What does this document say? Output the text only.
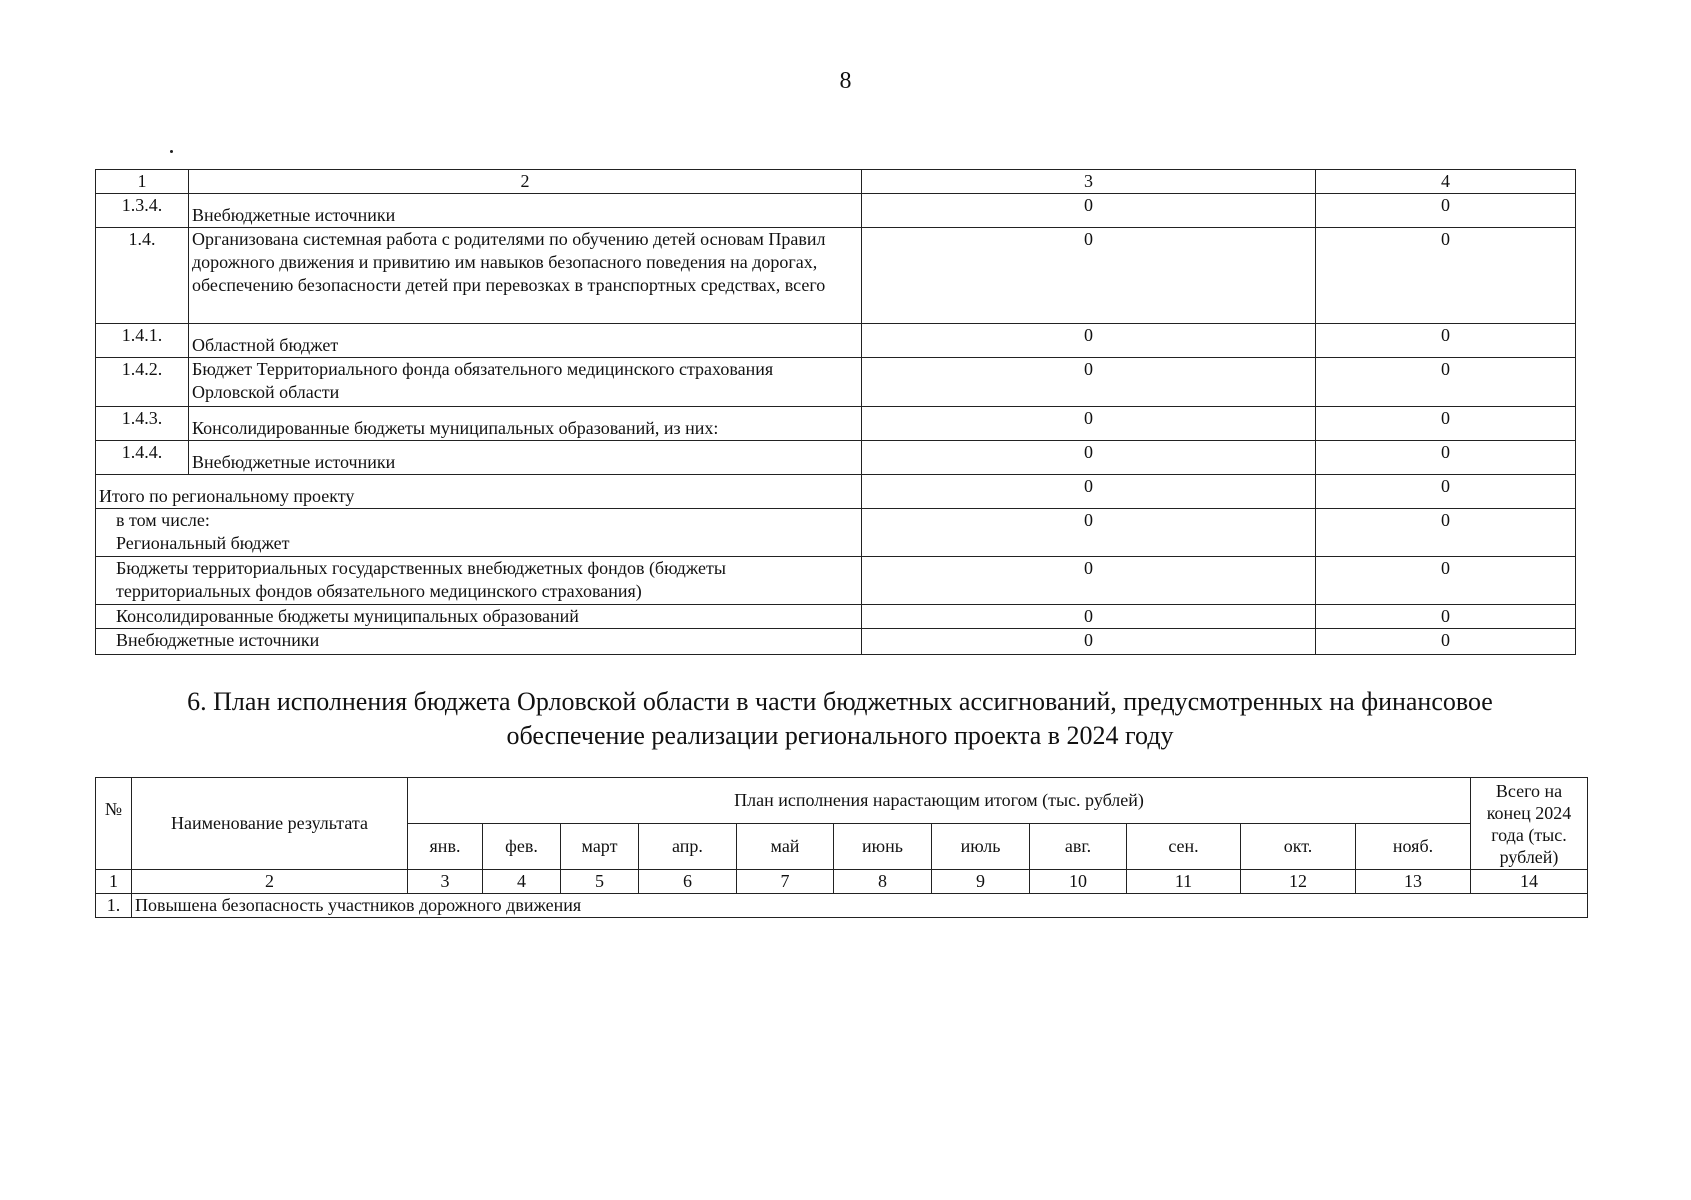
8
1	2	3	4
1.3.4.	Внебюджетные источники	0	0
1.4.	Организована системная работа с родителями по обучению детей основам Правил дорожного движения и привитию им навыков безопасного поведения на дорогах, обеспечению безопасности детей при перевозках в транспортных средствах, всего	0	0
1.4.1.	Областной бюджет	0	0
1.4.2.	Бюджет Территориального фонда обязательного медицинского страхования Орловской области	0	0
1.4.3.	Консолидированные бюджеты муниципальных образований, из них:	0	0
1.4.4.	Внебюджетные источники	0	0
Итого по региональному проекту		0	0

в том числе:
Региональный бюджет		0	0
Бюджеты территориальных государственных внебюджетных фондов (бюджеты территориальных фондов обязательного медицинского страхования)		0	0
Консолидированные бюджеты муниципальных образований		0	0
Внебюджетные источники		0	0
6. План исполнения бюджета Орловской области в части бюджетных ассигнований, предусмотренных на финансовое
обеспечение реализации регионального проекта в 2024 году
№	Наименование результата	План исполнения нарастающим итогом (тыс. рублей)											Всего на конец 2024 года (тыс. рублей)
		янв.	фев.	март	апр.	май	июнь	июль	авг.	сен.	окт.	нояб.	
1	2	3	4	5	6	7	8	9	10	11	12	13	14
1.	Повышена безопасность участников дорожного движения												
